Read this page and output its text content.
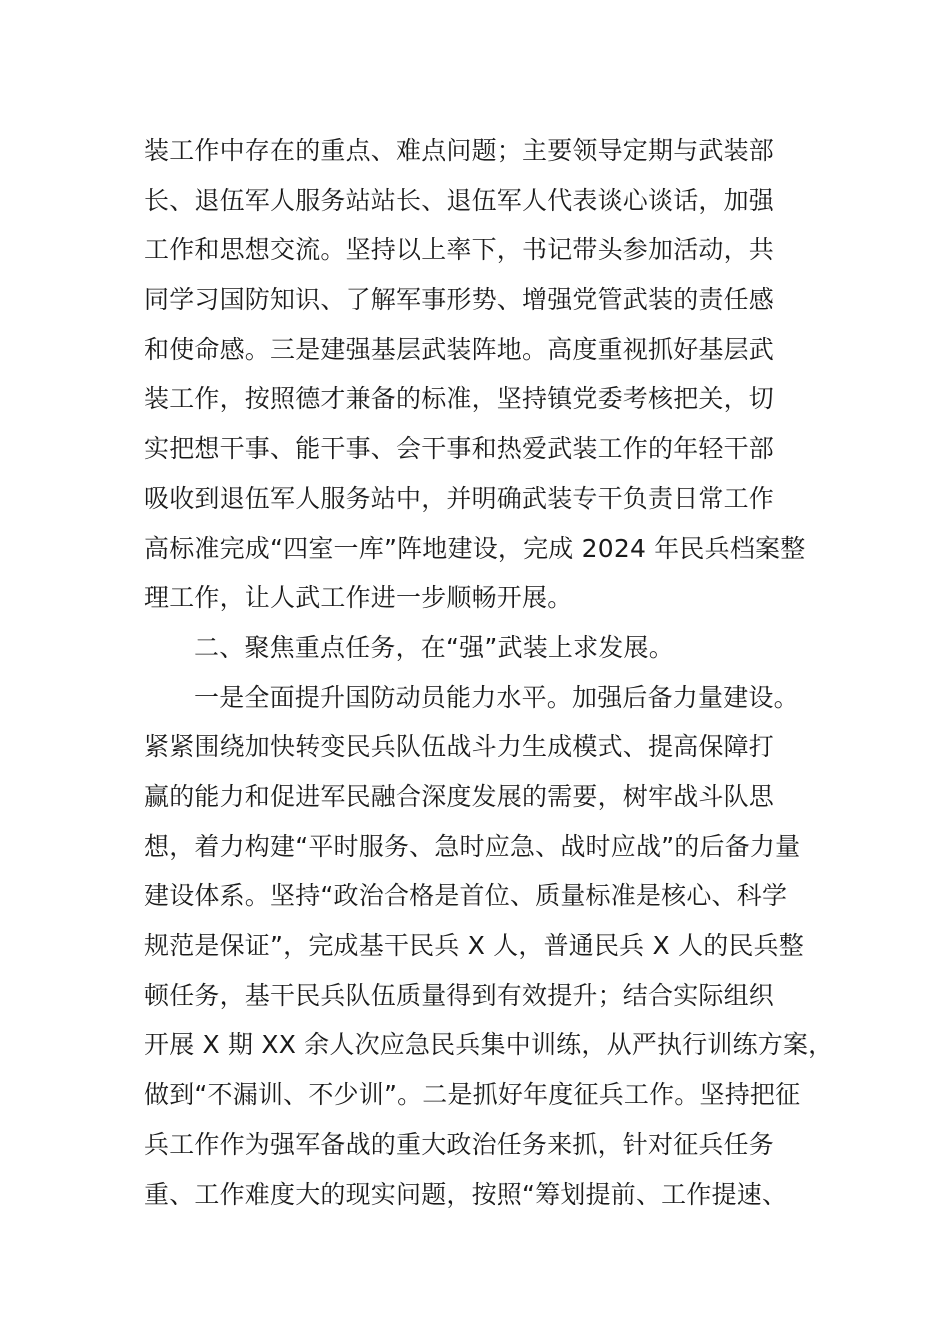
装工作中存在的重点、难点问题；主要领导定期与武装部
长、退伍军人服务站站长、退伍军人代表谈心谈话，加强
工作和思想交流。坚持以上率下，书记带头参加活动，共
同学习国防知识、了解军事形势、增强党管武装的责任感
和使命感。三是建强基层武装阵地。高度重视抓好基层武
装工作，按照德才兼备的标准，坚持镇党委考核把关，切
实把想干事、能干事、会干事和热爱武装工作的年轻干部
吸收到退伍军人服务站中，并明确武装专干负责日常工作
高标准完成“四室一库”阵地建设，完成 2024 年民兵档案整
理工作，让人武工作进一步顺畅开展。
二、聚焦重点任务，在“强”武装上求发展。
一是全面提升国防动员能力水平。加强后备力量建设。
紧紧围绕加快转变民兵队伍战斗力生成模式、提高保障打
赢的能力和促进军民融合深度发展的需要，树牢战斗队思
想，着力构建“平时服务、急时应急、战时应战”的后备力量
建设体系。坚持“政治合格是首位、质量标准是核心、科学
规范是保证”，完成基干民兵 X 人，普通民兵 X 人的民兵整
顿任务，基干民兵队伍质量得到有效提升；结合实际组织
开展 X 期 XX 余人次应急民兵集中训练，从严执行训练方案，
做到“不漏训、不少训”。二是抓好年度征兵工作。坚持把征
兵工作作为强军备战的重大政治任务来抓，针对征兵任务
重、工作难度大的现实问题，按照“筹划提前、工作提速、
